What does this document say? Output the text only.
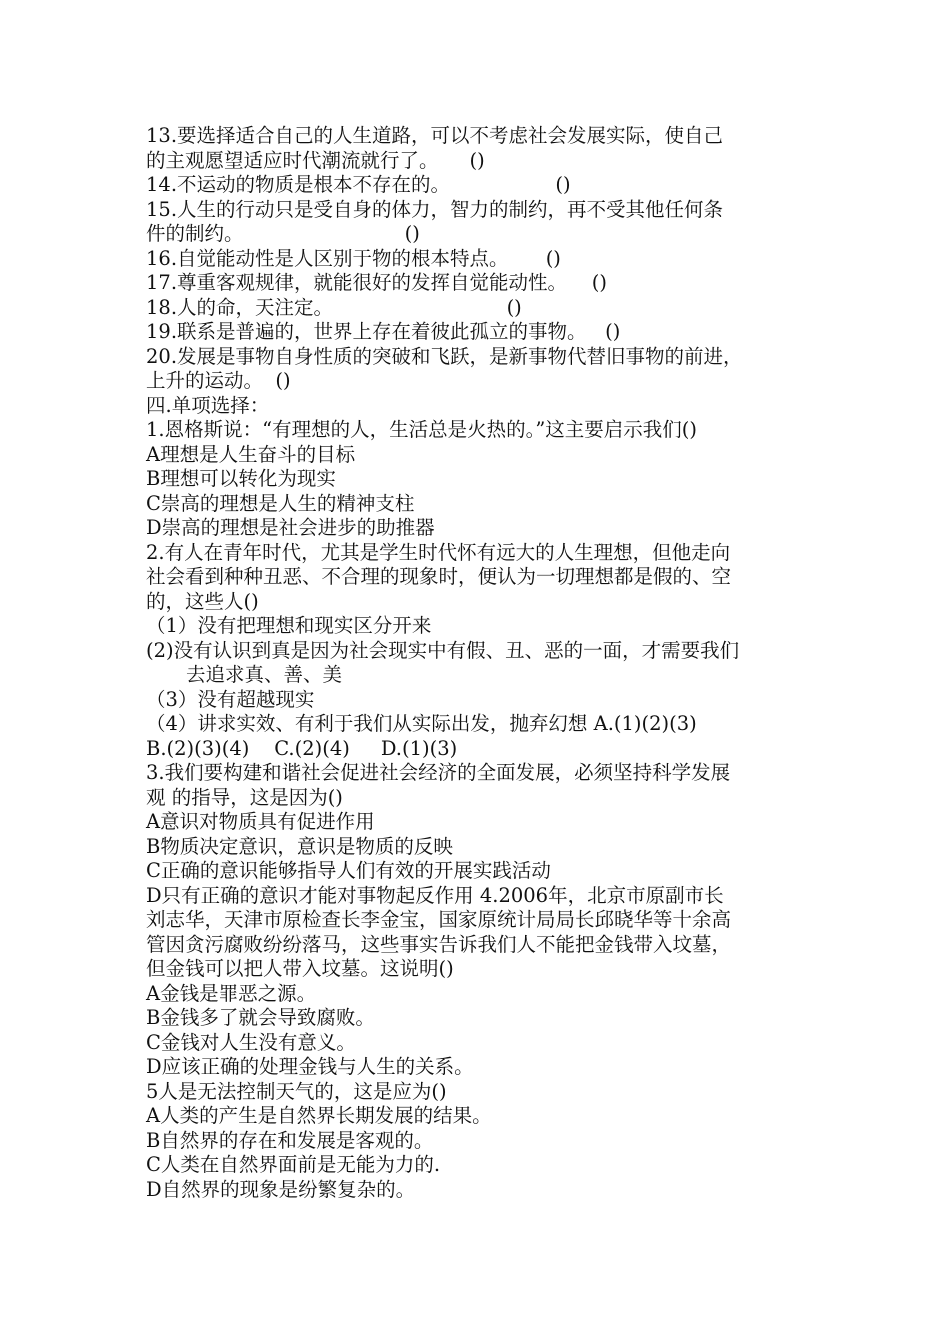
13.要选择适合自己的人生道路，可以不考虑社会发展实际，使自己
的主观愿望适应时代潮流就行了。     ()
14.不运动的物质是根本不存在的。                 ()
15.人生的行动只是受自身的体力，智力的制约，再不受其他任何条
件的制约。                          ()
16.自觉能动性是人区别于物的根本特点。      ()
17.尊重客观规律，就能很好的发挥自觉能动性。    ()
18.人的命，天注定。                            ()
19.联系是普遍的，世界上存在着彼此孤立的事物。   ()
20.发展是事物自身性质的突破和飞跃，是新事物代替旧事物的前进，
上升的运动。  ()
四.单项选择：
1.恩格斯说：“有理想的人，生活总是火热的。”这主要启示我们()
A理想是人生奋斗的目标
B理想可以转化为现实
C崇高的理想是人生的精神支柱
D崇高的理想是社会进步的助推器
2.有人在青年时代，尤其是学生时代怀有远大的人生理想，但他走向
社会看到种种丑恶、不合理的现象时，便认为一切理想都是假的、空
的，这些人()
（1）没有把理想和现实区分开来
(2)没有认识到真是因为社会现实中有假、丑、恶的一面，才需要我们
去追求真、善、美
（3）没有超越现实
（4）讲求实效、有利于我们从实际出发，抛弃幻想 A.(1)(2)(3)
B.(2)(3)(4)    C.(2)(4)     D.(1)(3)
3.我们要构建和谐社会促进社会经济的全面发展，必须坚持科学发展
观 的指导，这是因为()
A意识对物质具有促进作用
B物质决定意识，意识是物质的反映
C正确的意识能够指导人们有效的开展实践活动
D只有正确的意识才能对事物起反作用 4.2006年，北京市原副市长
刘志华，天津市原检查长李金宝，国家原统计局局长邱晓华等十余高
管因贪污腐败纷纷落马，这些事实告诉我们人不能把金钱带入坟墓，
但金钱可以把人带入坟墓。这说明()
A金钱是罪恶之源。
B金钱多了就会导致腐败。
C金钱对人生没有意义。
D应该正确的处理金钱与人生的关系。
5人是无法控制天气的，这是应为()
A人类的产生是自然界长期发展的结果。
B自然界的存在和发展是客观的。
C人类在自然界面前是无能为力的.
D自然界的现象是纷繁复杂的。
